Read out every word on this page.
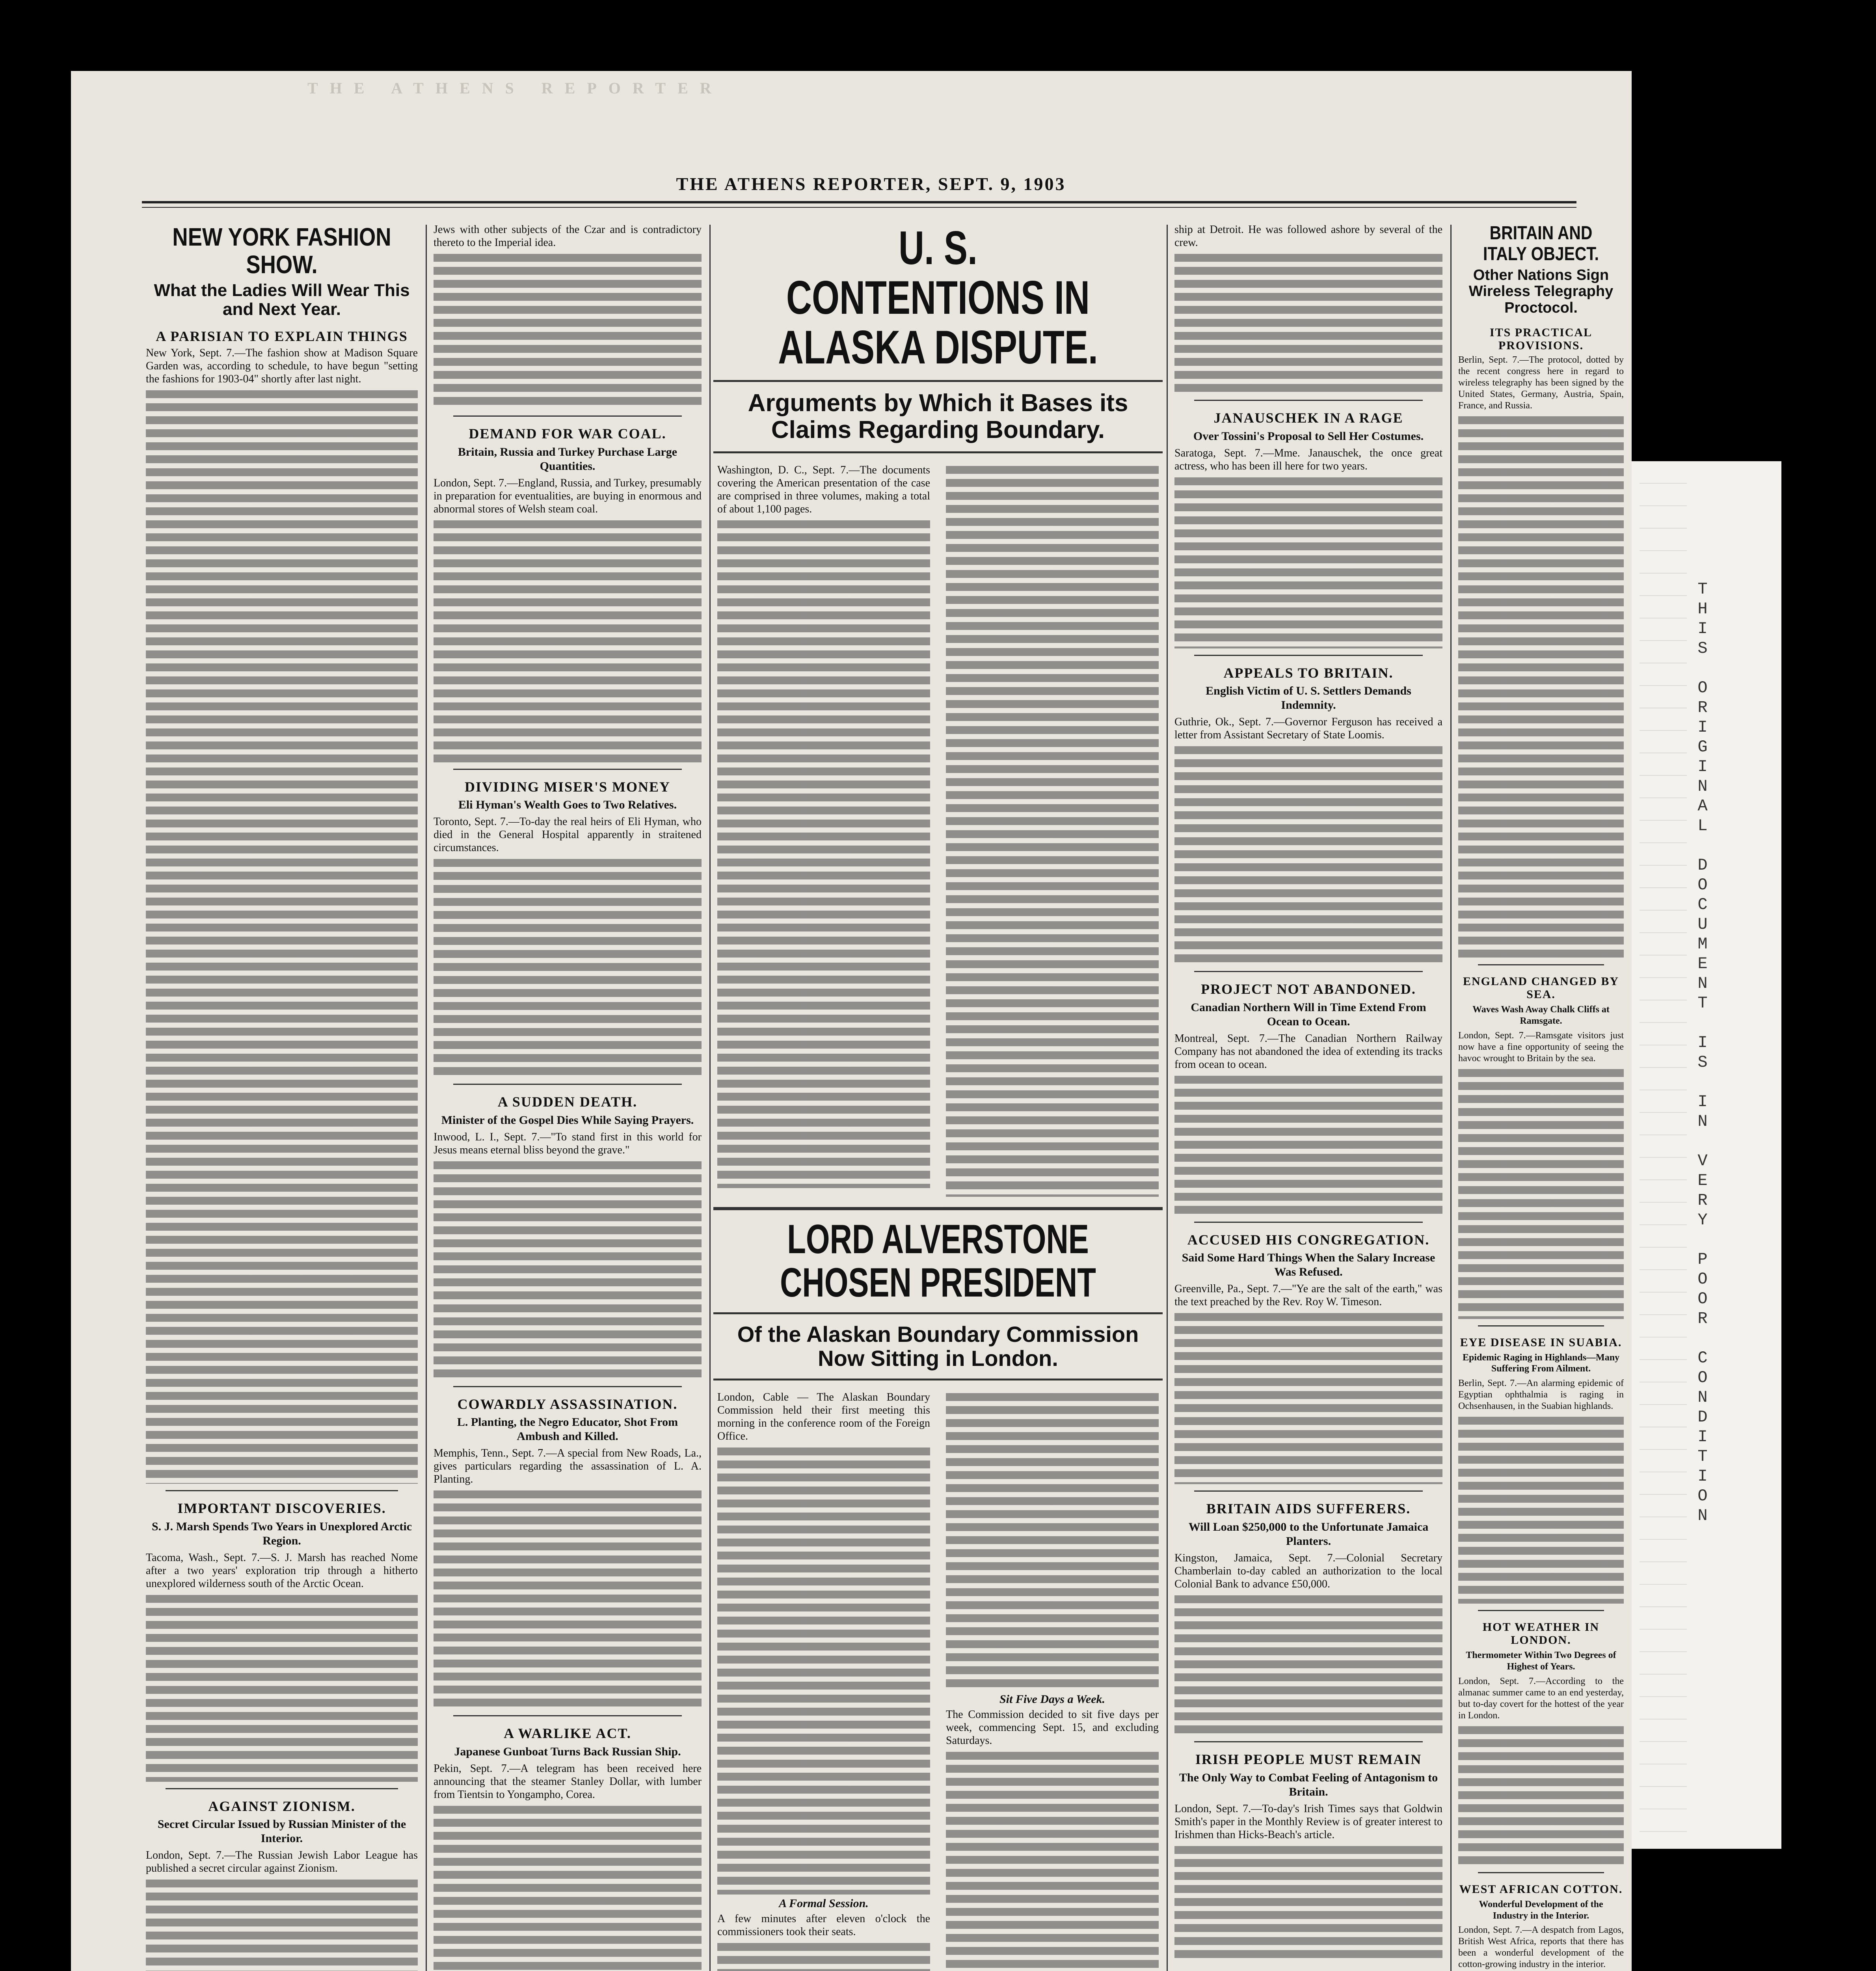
THE ATHENS REPORTER
THE ATHENS REPORTER, SEPT. 9, 1903
NEW YORK FASHION SHOW.
What the Ladies Will Wear This and Next Year.
A PARISIAN TO EXPLAIN THINGS

New York, Sept. 7.—The fashion show at Madison Square Garden was, according to schedule, to have begun "setting the fashions for 1903-04" shortly after last night.

IMPORTANT DISCOVERIES.
S. J. Marsh Spends Two Years in Unexplored Arctic Region.

Tacoma, Wash., Sept. 7.—S. J. Marsh has reached Nome after a two years' exploration trip through a hitherto unexplored wilderness south of the Arctic Ocean.

AGAINST ZIONISM.
Secret Circular Issued by Russian Minister of the Interior.

London, Sept. 7.—The Russian Jewish Labor League has published a secret circular against Zionism.

Jews with other subjects of the Czar and is contradictory thereto to the Imperial idea.

DEMAND FOR WAR COAL.
Britain, Russia and Turkey Purchase Large Quantities.

London, Sept. 7.—England, Russia, and Turkey, presumably in preparation for eventualities, are buying in enormous and abnormal stores of Welsh steam coal.

DIVIDING MISER'S MONEY
Eli Hyman's Wealth Goes to Two Relatives.

Toronto, Sept. 7.—To-day the real heirs of Eli Hyman, who died in the General Hospital apparently in straitened circumstances.

A SUDDEN DEATH.
Minister of the Gospel Dies While Saying Prayers.

Inwood, L. I., Sept. 7.—"To stand first in this world for Jesus means eternal bliss beyond the grave."

COWARDLY ASSASSINATION.
L. Planting, the Negro Educator, Shot From Ambush and Killed.

Memphis, Tenn., Sept. 7.—A special from New Roads, La., gives particulars regarding the assassination of L. A. Planting.

A WARLIKE ACT.
Japanese Gunboat Turns Back Russian Ship.

Pekin, Sept. 7.—A telegram has been received here announcing that the steamer Stanley Dollar, with lumber from Tientsin to Yongampho, Corea.

U. S. CONTENTIONS IN ALASKA DISPUTE.
Arguments by Which it Bases its Claims Regarding Boundary.

Washington, D. C., Sept. 7.—The documents covering the American presentation of the case are comprised in three volumes, making a total of about 1,100 pages.

LORD ALVERSTONE CHOSEN PRESIDENT
Of the Alaskan Boundary Commission Now Sitting in London.

London, Cable — The Alaskan Boundary Commission held their first meeting this morning in the conference room of the Foreign Office.

A Formal Session.

A few minutes after eleven o'clock the commissioners took their seats.

Sit Five Days a Week.

The Commission decided to sit five days per week, commencing Sept. 15, and excluding Saturdays.

ship at Detroit. He was followed ashore by several of the crew.

JANAUSCHEK IN A RAGE
Over Tossini's Proposal to Sell Her Costumes.

Saratoga, Sept. 7.—Mme. Janauschek, the once great actress, who has been ill here for two years.

APPEALS TO BRITAIN.
English Victim of U. S. Settlers Demands Indemnity.

Guthrie, Ok., Sept. 7.—Governor Ferguson has received a letter from Assistant Secretary of State Loomis.

PROJECT NOT ABANDONED.
Canadian Northern Will in Time Extend From Ocean to Ocean.

Montreal, Sept. 7.—The Canadian Northern Railway Company has not abandoned the idea of extending its tracks from ocean to ocean.

ACCUSED HIS CONGREGATION.
Said Some Hard Things When the Salary Increase Was Refused.

Greenville, Pa., Sept. 7.—"Ye are the salt of the earth," was the text preached by the Rev. Roy W. Timeson.

BRITAIN AIDS SUFFERERS.
Will Loan $250,000 to the Unfortunate Jamaica Planters.

Kingston, Jamaica, Sept. 7.—Colonial Secretary Chamberlain to-day cabled an authorization to the local Colonial Bank to advance £50,000.

IRISH PEOPLE MUST REMAIN
The Only Way to Combat Feeling of Antagonism to Britain.

London, Sept. 7.—To-day's Irish Times says that Goldwin Smith's paper in the Monthly Review is of greater interest to Irishmen than Hicks-Beach's article.

BRITAIN AND ITALY OBJECT.
Other Nations Sign Wireless Telegraphy Proctocol.
ITS PRACTICAL PROVISIONS.

Berlin, Sept. 7.—The protocol, dotted by the recent congress here in regard to wireless telegraphy has been signed by the United States, Germany, Austria, Spain, France, and Russia.

ENGLAND CHANGED BY SEA.
Waves Wash Away Chalk Cliffs at Ramsgate.

London, Sept. 7.—Ramsgate visitors just now have a fine opportunity of seeing the havoc wrought to Britain by the sea.

EYE DISEASE IN SUABIA.
Epidemic Raging in Highlands—Many Suffering From Ailment.

Berlin, Sept. 7.—An alarming epidemic of Egyptian ophthalmia is raging in Ochsenhausen, in the Suabian highlands.

HOT WEATHER IN LONDON.
Thermometer Within Two Degrees of Highest of Years.

London, Sept. 7.—According to the almanac summer came to an end yesterday, but to-day covert for the hottest of the year in London.

WEST AFRICAN COTTON.
Wonderful Development of the Industry in the Interior.

London, Sept. 7.—A despatch from Lagos, British West Africa, reports that there has been a wonderful development of the cotton-growing industry in the interior.

T
H
I
S

O
R
I
G
I
N
A
L

D
O
C
U
M
E
N
T

I
S

I
N

V
E
R
Y

P
O
O
R

C
O
N
D
I
T
I
O
N
